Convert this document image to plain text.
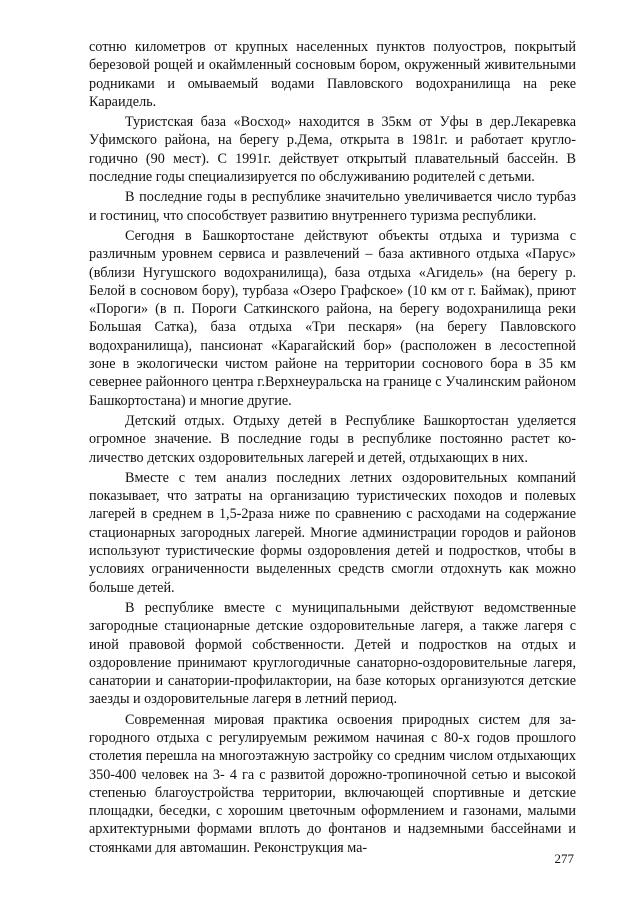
сотню километров от крупных населенных пунктов полуостров, покрытый березовой рощей и окаймленный сосновым бором, окруженный живительными родниками и омываемый водами Павловского водохранилища на реке Караидель.

Туристская база «Восход» находится в 35км от Уфы в дер.Лекаревка Уфимского района, на берегу р.Дема, открыта в 1981г. и работает круглогодично (90 мест). С 1991г. действует открытый плавательный бассейн. В последние годы специализируется по обслуживанию родителей с детьми.

В последние годы в республике значительно увеличивается число турбаз и гостиниц, что способствует развитию внутреннего туризма республики.

Сегодня в Башкортостане действуют объекты отдыха и туризма с различным уровнем сервиса и развлечений – база активного отдыха «Парус» (вблизи Нугушского водохранилища), база отдыха «Агидель» (на берегу р. Белой в сосновом бору), турбаза «Озеро Графское» (10 км от г. Баймак), приют «Пороги» (в п. Пороги Саткинского района, на берегу водохранилища реки Большая Сатка), база отдыха «Три пескаря» (на берегу Павловского водохранилища), пансионат «Карагайский бор» (расположен в лесостепной зоне в экологически чистом районе на территории соснового бора в 35 км севернее районного центра г.Верхнеуральска на границе с Учалинским районом Башкортостана) и многие другие.

Детский отдых. Отдыху детей в Республике Башкортостан уделяется огромное значение. В последние годы в республике постоянно растет количество детских оздоровительных лагерей и детей, отдыхающих в них.

Вместе с тем анализ последних летних оздоровительных компаний показывает, что затраты на организацию туристических походов и полевых лагерей в среднем в 1,5-2раза ниже по сравнению с расходами на содержание стационарных загородных лагерей. Многие администрации городов и районов используют туристические формы оздоровления детей и подростков, чтобы в условиях ограниченности выделенных средств смогли отдохнуть как можно больше детей.

В республике вместе с муниципальными действуют ведомственные загородные стационарные детские оздоровительные лагеря, а также лагеря с иной правовой формой собственности. Детей и подростков на отдых и оздоровление принимают круглогодичные санаторно-оздоровительные лагеря, санатории и санатории-профилактории, на базе которых организуются детские заезды и оздоровительные лагеря в летний период.

Современная мировая практика освоения природных систем для загородного отдыха с регулируемым режимом начиная с 80-х годов прошлого столетия перешла на многоэтажную застройку со средним числом отдыхающих 350-400 человек на 3- 4 га с развитой дорожно-тропиночной сетью и высокой степенью благоустройства территории, включающей спортивные и детские площадки, беседки, с хорошим цветочным оформлением и газонами, малыми архитектурными формами вплоть до фонтанов и надземными бассейнами и стоянками для автомашин. Реконструкция ма-

277
